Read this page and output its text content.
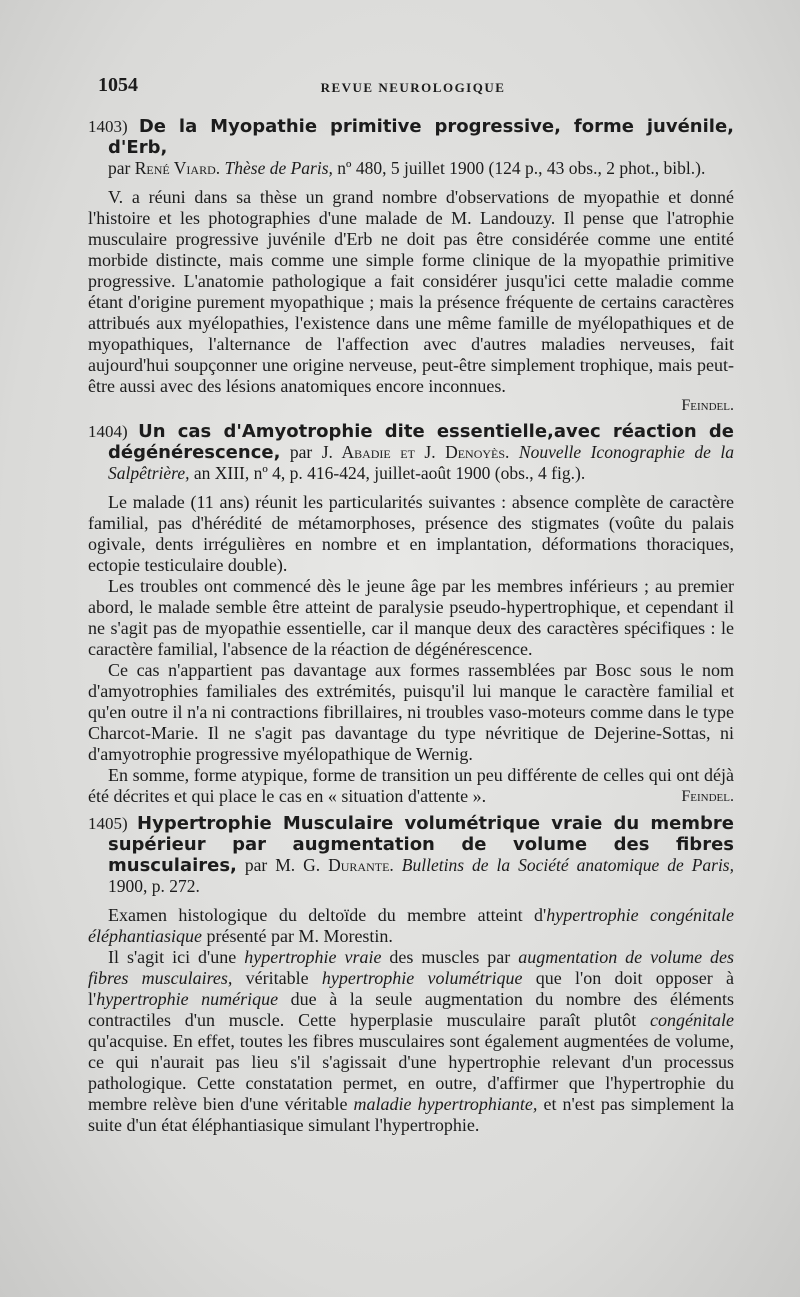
1054	REVUE NEUROLOGIQUE
1403) De la Myopathie primitive progressive, forme juvénile, d'Erb,
par René Viard. Thèse de Paris, nº 480, 5 juillet 1900 (124 p., 43 obs., 2 phot., bibl.).

V. a réuni dans sa thèse un grand nombre d'observations de myopathie et donné l'histoire et les photographies d'une malade de M. Landouzy. Il pense que l'atrophie musculaire progressive juvénile d'Erb ne doit pas être considérée comme une entité morbide distincte, mais comme une simple forme clinique de la myopathie primitive progressive. L'anatomie pathologique a fait considérer jusqu'ici cette maladie comme étant d'origine purement myopathique ; mais la présence fréquente de certains caractères attribués aux myélopathies, l'existence dans une même famille de myélopathiques et de myopathiques, l'alternance de l'affection avec d'autres maladies nerveuses, fait aujourd'hui soupçonner une origine nerveuse, peut-être simplement trophique, mais peut-être aussi avec des lésions anatomiques encore inconnues.

Feindel.
1404) Un cas d'Amyotrophie dite essentielle,avec réaction de dégénérescence, par J. Abadie et J. Denoyès. Nouvelle Iconographie de la Salpêtrière, an XIII, nº 4, p. 416-424, juillet-août 1900 (obs., 4 fig.).

Le malade (11 ans) réunit les particularités suivantes : absence complète de caractère familial, pas d'hérédité de métamorphoses, présence des stigmates (voûte du palais ogivale, dents irrégulières en nombre et en implantation, déformations thoraciques, ectopie testiculaire double).

Les troubles ont commencé dès le jeune âge par les membres inférieurs ; au premier abord, le malade semble être atteint de paralysie pseudo-hypertrophique, et cependant il ne s'agit pas de myopathie essentielle, car il manque deux des caractères spécifiques : le caractère familial, l'absence de la réaction de dégénérescence.

Ce cas n'appartient pas davantage aux formes rassemblées par Bosc sous le nom d'amyotrophies familiales des extrémités, puisqu'il lui manque le caractère familial et qu'en outre il n'a ni contractions fibrillaires, ni troubles vaso-moteurs comme dans le type Charcot-Marie. Il ne s'agit pas davantage du type névritique de Dejerine-Sottas, ni d'amyotrophie progressive myélopathique de Wernig.

En somme, forme atypique, forme de transition un peu différente de celles qui ont déjà été décrites et qui place le cas en « situation d'attente ».	Feindel.

1405) Hypertrophie Musculaire volumétrique vraie du membre supérieur par augmentation de volume des fibres musculaires, par M. G. Durante. Bulletins de la Société anatomique de Paris, 1900, p. 272.

Examen histologique du deltoïde du membre atteint d'hypertrophie congénitale éléphantiasique présenté par M. Morestin.

Il s'agit ici d'une hypertrophie vraie des muscles par augmentation de volume des fibres musculaires, véritable hypertrophie volumétrique que l'on doit opposer à l'hypertrophie numérique due à la seule augmentation du nombre des éléments contractiles d'un muscle. Cette hyperplasie musculaire paraît plutôt congénitale qu'acquise. En effet, toutes les fibres musculaires sont également augmentées de volume, ce qui n'aurait pas lieu s'il s'agissait d'une hypertrophie relevant d'un processus pathologique. Cette constatation permet, en outre, d'affirmer que l'hypertrophie du membre relève bien d'une véritable maladie hypertrophiante, et n'est pas simplement la suite d'un état éléphantiasique simulant l'hypertrophie.
